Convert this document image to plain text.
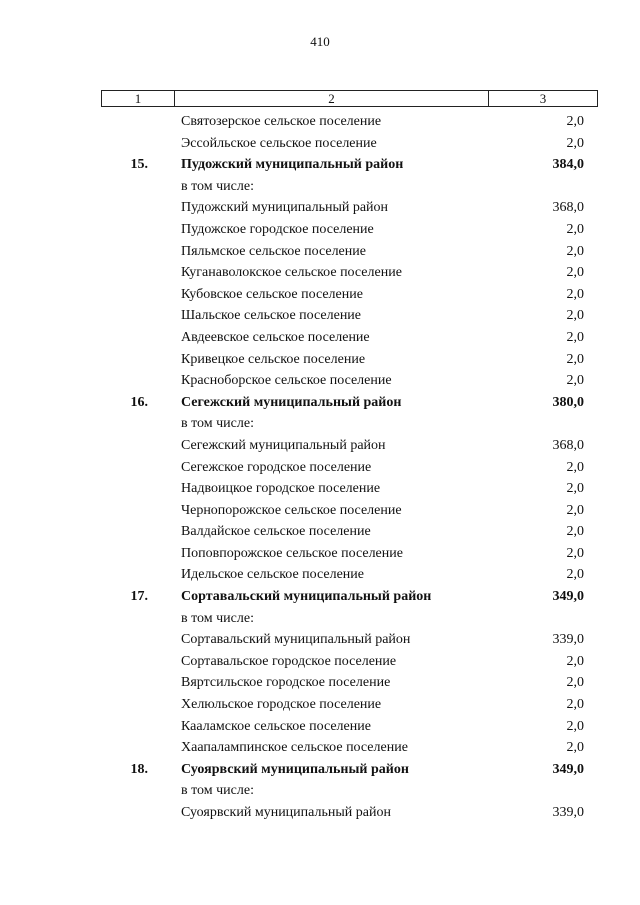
410
1	2	3
Святозерское сельское поселение	2,0
Эссойльское сельское поселение	2,0
15. Пудожский муниципальный район	384,0
в том числе:
Пудожский муниципальный район	368,0
Пудожское городское поселение	2,0
Пяльмское сельское поселение	2,0
Куганаволокское сельское поселение	2,0
Кубовское сельское поселение	2,0
Шальское сельское поселение	2,0
Авдеевское сельское поселение	2,0
Кривецкое сельское поселение	2,0
Красноборское сельское поселение	2,0
16. Сегежский муниципальный район	380,0
в том числе:
Сегежский муниципальный район	368,0
Сегежское городское поселение	2,0
Надвоицкое городское поселение	2,0
Чернопорожское сельское поселение	2,0
Валдайское сельское поселение	2,0
Поповпорожское сельское поселение	2,0
Идельское сельское поселение	2,0
17. Сортавальский муниципальный район	349,0
в том числе:
Сортавальский муниципальный район	339,0
Сортавальское городское поселение	2,0
Вяртсильское городское поселение	2,0
Хелюльское городское поселение	2,0
Кааламское сельское поселение	2,0
Хаапалампинское сельское поселение	2,0
18. Суоярвский муниципальный район	349,0
в том числе:
Суоярвский муниципальный район	339,0
